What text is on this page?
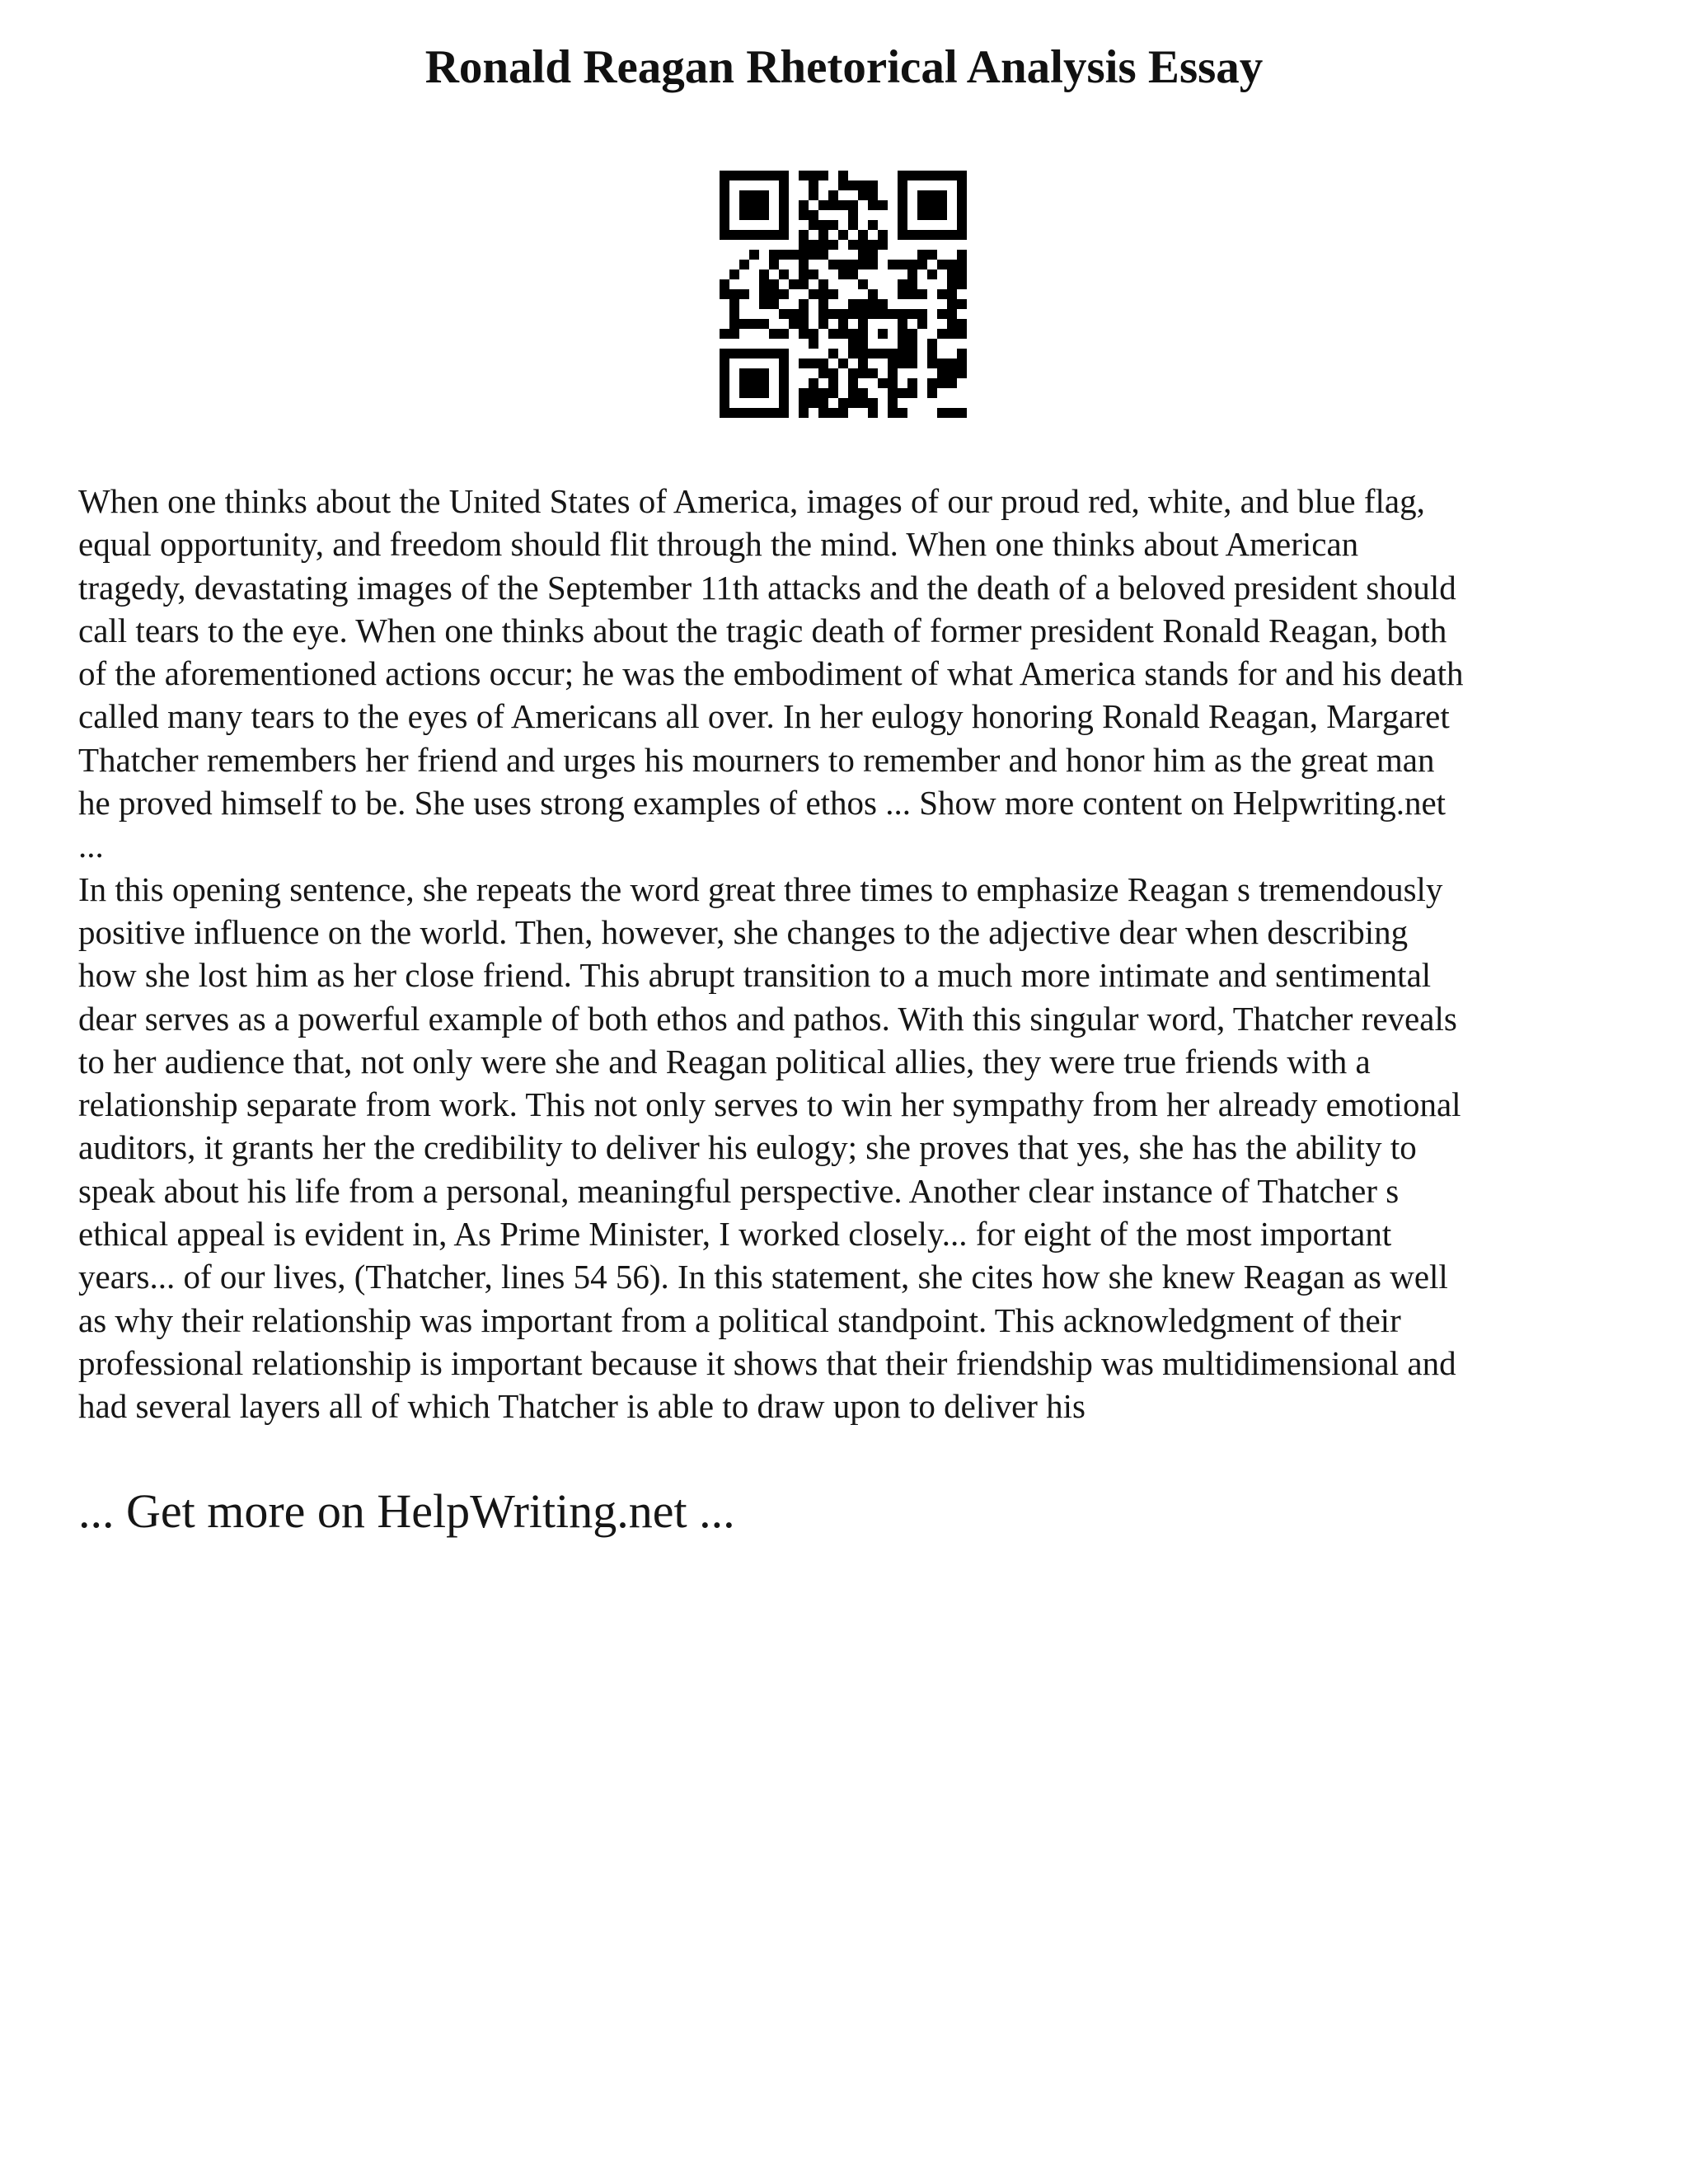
Ronald Reagan Rhetorical Analysis Essay

When one thinks about the United States of America, images of our proud red, white, and blue flag,
equal opportunity, and freedom should flit through the mind. When one thinks about American
tragedy, devastating images of the September 11th attacks and the death of a beloved president should
call tears to the eye. When one thinks about the tragic death of former president Ronald Reagan, both
of the aforementioned actions occur; he was the embodiment of what America stands for and his death
called many tears to the eyes of Americans all over. In her eulogy honoring Ronald Reagan, Margaret
Thatcher remembers her friend and urges his mourners to remember and honor him as the great man
he proved himself to be. She uses strong examples of ethos ... Show more content on Helpwriting.net
...

In this opening sentence, she repeats the word great three times to emphasize Reagan s tremendously
positive influence on the world. Then, however, she changes to the adjective dear when describing
how she lost him as her close friend. This abrupt transition to a much more intimate and sentimental
dear serves as a powerful example of both ethos and pathos. With this singular word, Thatcher reveals
to her audience that, not only were she and Reagan political allies, they were true friends with a
relationship separate from work. This not only serves to win her sympathy from her already emotional
auditors, it grants her the credibility to deliver his eulogy; she proves that yes, she has the ability to
speak about his life from a personal, meaningful perspective. Another clear instance of Thatcher s
ethical appeal is evident in, As Prime Minister, I worked closely... for eight of the most important
years... of our lives, (Thatcher, lines 54 56). In this statement, she cites how she knew Reagan as well
as why their relationship was important from a political standpoint. This acknowledgment of their
professional relationship is important because it shows that their friendship was multidimensional and
had several layers all of which Thatcher is able to draw upon to deliver his

... Get more on HelpWriting.net ...
